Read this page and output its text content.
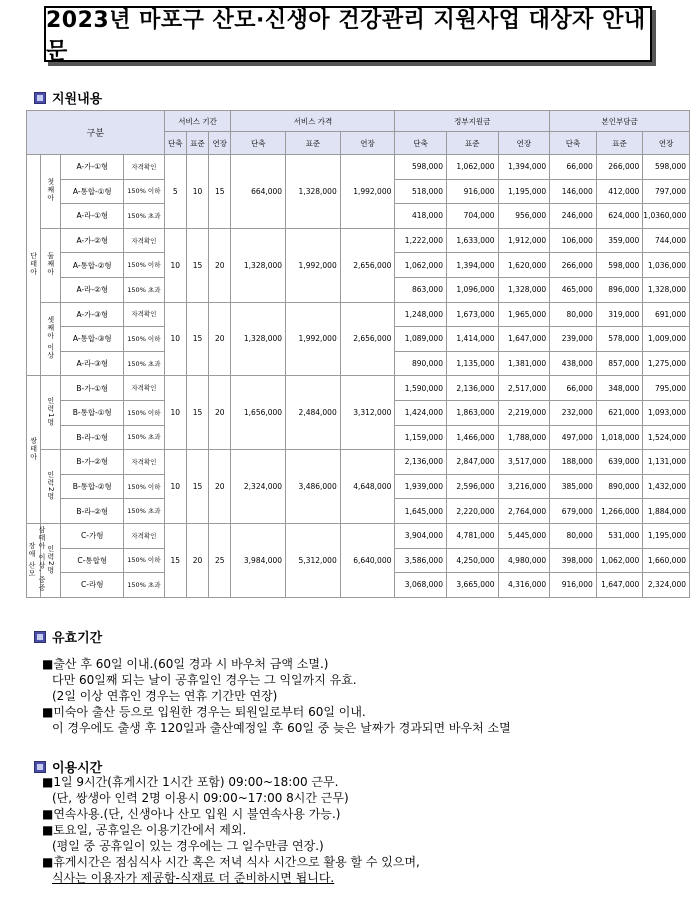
2023년 마포구 산모·신생아 건강관리 지원사업 대상자 안내문
지원내용
구분				서비스 기간			서비스 가격			정부지원금			본인부담금		
				단축	표준	연장	단축	표준	연장	단축	표준	연장	단축	표준	연장
단태아	첫째아	A-가-①형	자격확인	5	10	15	664,000	1,328,000	1,992,000	598,000	1,062,000	1,394,000	66,000	266,000	598,000
		A-통합-①형	150% 이하							518,000	916,000	1,195,000	146,000	412,000	797,000
		A-라-①형	150% 초과							418,000	704,000	956,000	246,000	624,000	1,0360,000
	둘째아	A-가-②형	자격확인	10	15	20	1,328,000	1,992,000	2,656,000	1,222,000	1,633,000	1,912,000	106,000	359,000	744,000
		A-통합-②형	150% 이하							1,062,000	1,394,000	1,620,000	266,000	598,000	1,036,000
		A-라-②형	150% 초과							863,000	1,096,000	1,328,000	465,000	896,000	1,328,000
	셋째아 이상	A-가-③형	자격확인	10	15	20	1,328,000	1,992,000	2,656,000	1,248,000	1,673,000	1,965,000	80,000	319,000	691,000
		A-통합-③형	150% 이하							1,089,000	1,414,000	1,647,000	239,000	578,000	1,009,000
		A-라-③형	150% 초과							890,000	1,135,000	1,381,000	438,000	857,000	1,275,000
쌍태아	인력1명	B-가-①형	자격확인	10	15	20	1,656,000	2,484,000	3,312,000	1,590,000	2,136,000	2,517,000	66,000	348,000	795,000
		B-통합-①형	150% 이하							1,424,000	1,863,000	2,219,000	232,000	621,000	1,093,000
		B-라-①형	150% 초과							1,159,000	1,466,000	1,788,000	497,000	1,018,000	1,524,000
	인력2명	B-가-②형	자격확인	10	15	20	2,324,000	3,486,000	4,648,000	2,136,000	2,847,000	3,517,000	188,000	639,000	1,131,000
		B-통합-②형	150% 이하							1,939,000	2,596,000	3,216,000	385,000	890,000	1,432,000
		B-라-②형	150% 초과							1,645,000	2,220,000	2,764,000	679,000	1,266,000	1,884,000
삼태아 이상, 중증 장애 산모	인력2명	C-가형	자격확인	15	20	25	3,984,000	5,312,000	6,640,000	3,904,000	4,781,000	5,445,000	80,000	531,000	1,195,000
		C-통합형	150% 이하							3,586,000	4,250,000	4,980,000	398,000	1,062,000	1,660,000
		C-라형	150% 초과							3,068,000	3,665,000	4,316,000	916,000	1,647,000	2,324,000
유효기간

■출산 후 60일 이내.(60일 경과 시 바우처 금액 소멸.)

다만 60일째 되는 날이 공휴일인 경우는 그 익일까지 유효.

(2일 이상 연휴인 경우는 연휴 기간만 연장)

■미숙아 출산 등으로 입원한 경우는 퇴원일로부터 60일 이내.

이 경우에도 출생 후 120일과 출산예정일 후 60일 중 늦은 날짜가 경과되면 바우처 소멸

이용시간

■1일 9시간(휴게시간 1시간 포함) 09:00~18:00 근무.

(단, 쌍생아 인력 2명 이용시 09:00~17:00 8시간 근무)

■연속사용.(단, 신생아나 산모 입원 시 불연속사용 가능.)

■토요일, 공휴일은 이용기간에서 제외.

(평일 중 공휴일이 있는 경우에는 그 일수만큼 연장.)

■휴게시간은 점심식사 시간 혹은 저녁 식사 시간으로 활용 할 수 있으며,

식사는 이용자가 제공함-식재료 더 준비하시면 됩니다.
